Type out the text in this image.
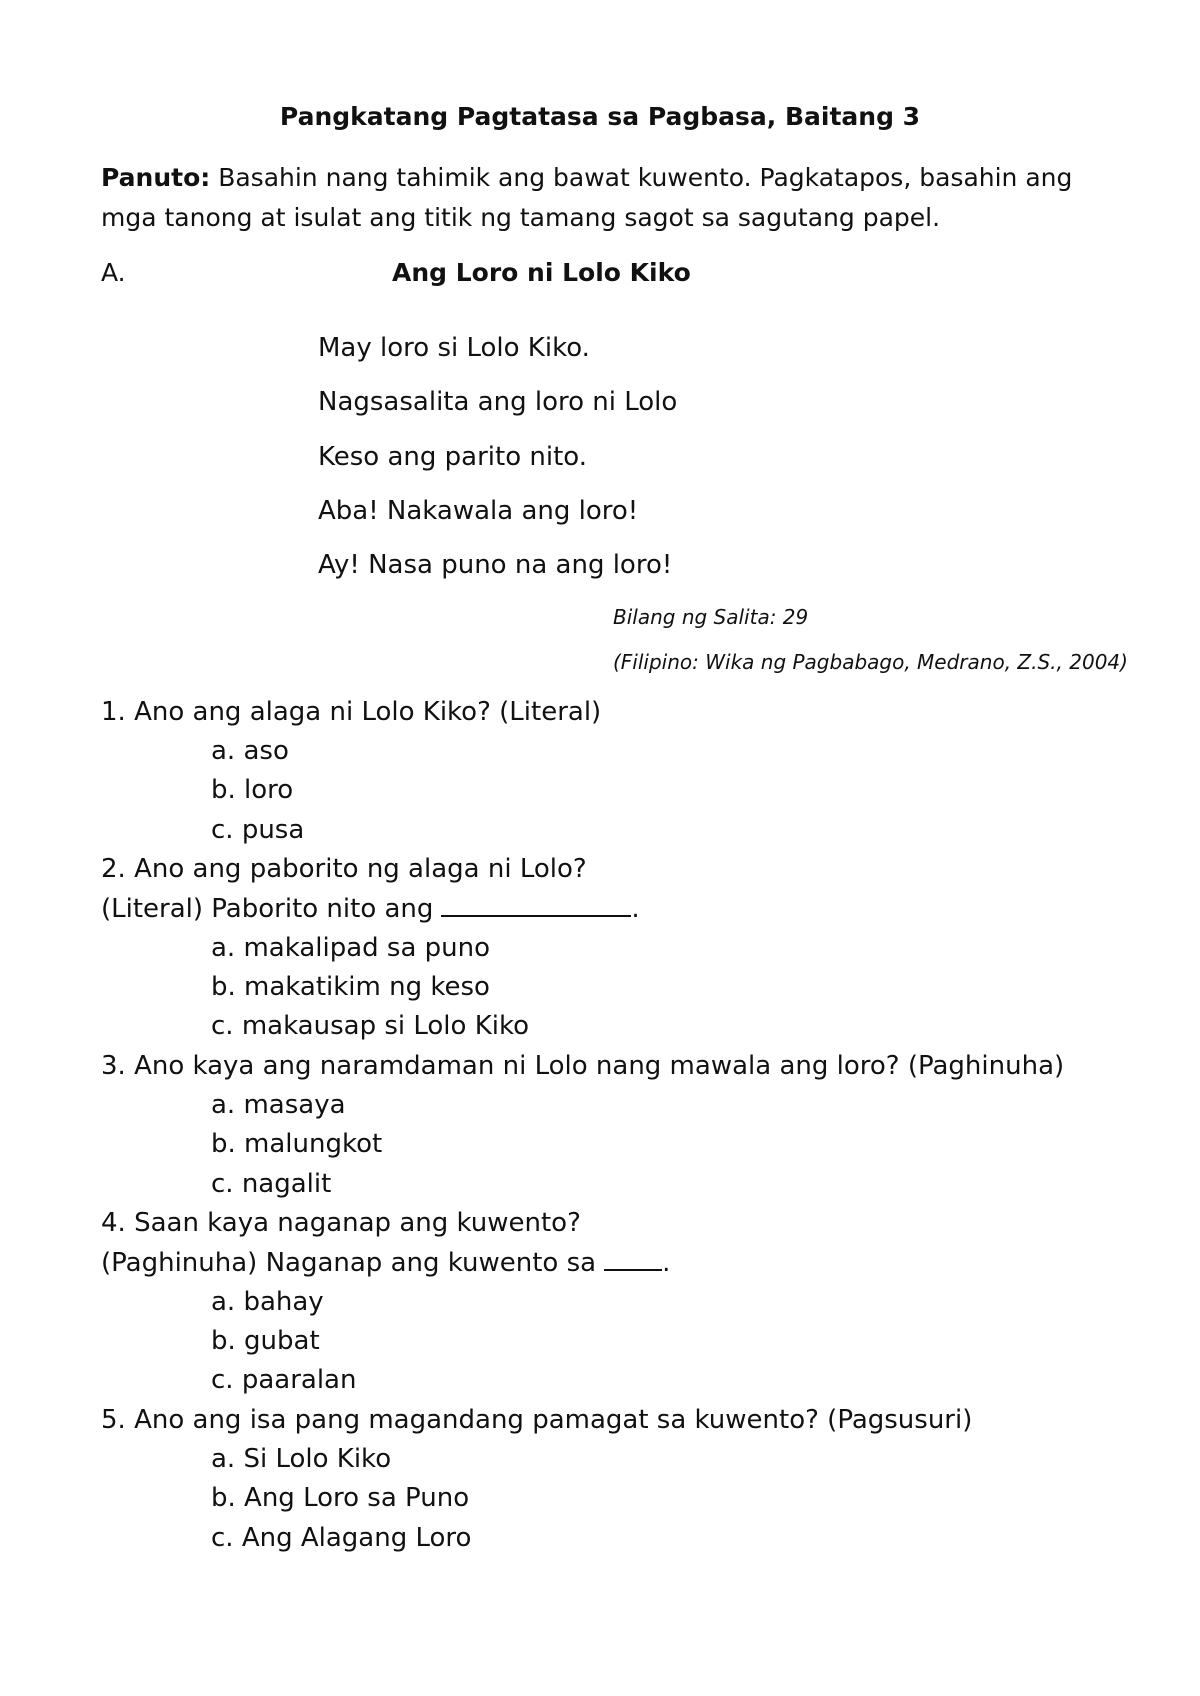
Pangkatang Pagtatasa sa Pagbasa, Baitang 3
Panuto: Basahin nang tahimik ang bawat kuwento. Pagkatapos, basahin ang
mga tanong at isulat ang titik ng tamang sagot sa sagutang papel.
A.	Ang Loro ni Lolo Kiko
May loro si Lolo Kiko.
Nagsasalita ang loro ni Lolo
Keso ang parito nito.
Aba! Nakawala ang loro!
Ay! Nasa puno na ang loro!
Bilang ng Salita: 29
(Filipino: Wika ng Pagbabago, Medrano, Z.S., 2004)
1. Ano ang alaga ni Lolo Kiko? (Literal)
a. aso
b. loro
c. pusa
2. Ano ang paborito ng alaga ni Lolo?
(Literal) Paborito nito ang	.
a. makalipad sa puno
b. makatikim ng keso
c. makausap si Lolo Kiko
3. Ano kaya ang naramdaman ni Lolo nang mawala ang loro? (Paghinuha)
a. masaya
b. malungkot
c. nagalit
4. Saan kaya naganap ang kuwento?
(Paghinuha) Naganap ang kuwento sa	.
a. bahay
b. gubat
c. paaralan
5. Ano ang isa pang magandang pamagat sa kuwento? (Pagsusuri)
a. Si Lolo Kiko
b. Ang Loro sa Puno
c. Ang Alagang Loro
